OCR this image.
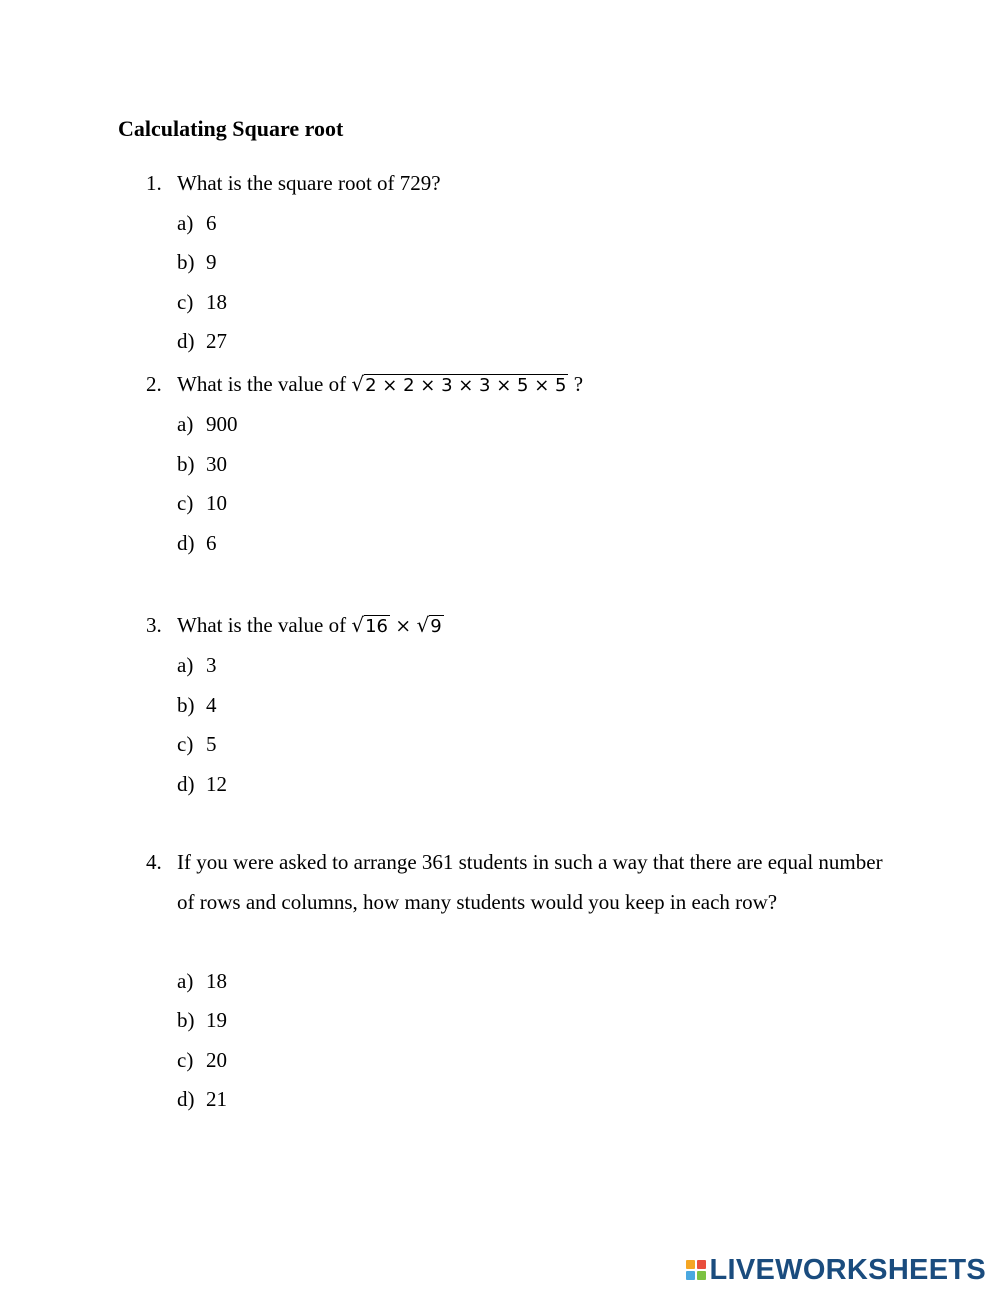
Calculating Square root
1. What is the square root of 729?
a) 6
b) 9
c) 18
d) 27
2. What is the value of √2 × 2 × 3 × 3 × 5 × 5 ?
a) 900
b) 30
c) 10
d) 6
3. What is the value of √16 × √9
a) 3
b) 4
c) 5
d) 12
4. If you were asked to arrange 361 students in such a way that there are equal number of rows and columns, how many students would you keep in each row?
a) 18
b) 19
c) 20
d) 21
LIVEWORKSHEETS
